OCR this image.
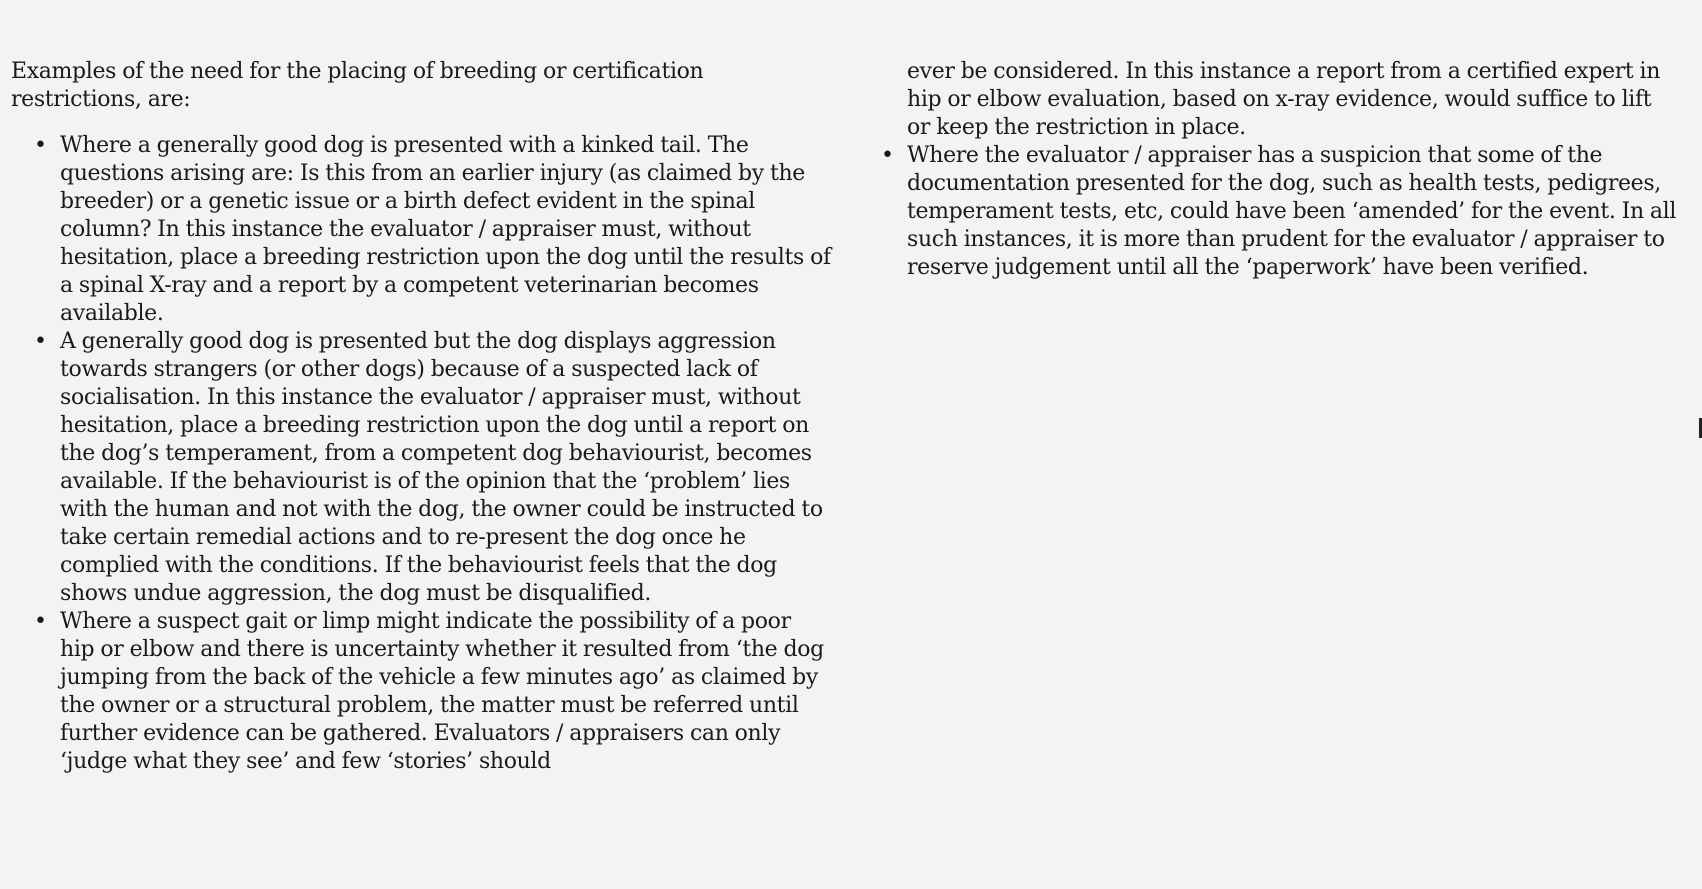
Examples of the need for the placing of breeding or certification restrictions, are:

• Where a generally good dog is presented with a kinked tail. The questions arising are: Is this from an earlier injury (as claimed by the breeder) or a genetic issue or a birth defect evident in the spinal column? In this instance the evaluator / appraiser must, without hesitation, place a breeding restriction upon the dog until the results of a spinal X-ray and a report by a competent veterinarian becomes available.
• A generally good dog is presented but the dog displays aggression towards strangers (or other dogs) because of a suspected lack of socialisation. In this instance the evaluator / appraiser must, without hesitation, place a breeding restriction upon the dog until a report on the dog’s temperament, from a competent dog behaviourist, becomes available. If the behaviourist is of the opinion that the ‘problem’ lies with the human and not with the dog, the owner could be instructed to take certain remedial actions and to re-present the dog once he complied with the conditions. If the behaviourist feels that the dog shows undue aggression, the dog must be disqualified.
• Where a suspect gait or limp might indicate the possibility of a poor hip or elbow and there is uncertainty whether it resulted from ‘the dog jumping from the back of the vehicle a few minutes ago’ as claimed by the owner or a structural problem, the matter must be referred until further evidence can be gathered. Evaluators / appraisers can only ‘judge what they see’ and few ‘stories’ should
ever be considered. In this instance a report from a certified expert in hip or elbow evaluation, based on x-ray evidence, would suffice to lift or keep the restriction in place.
• Where the evaluator / appraiser has a suspicion that some of the documentation presented for the dog, such as health tests, pedigrees, temperament tests, etc, could have been ‘amended’ for the event. In all such instances, it is more than prudent for the evaluator / appraiser to reserve judgement until all the ‘paperwork’ have been verified.
